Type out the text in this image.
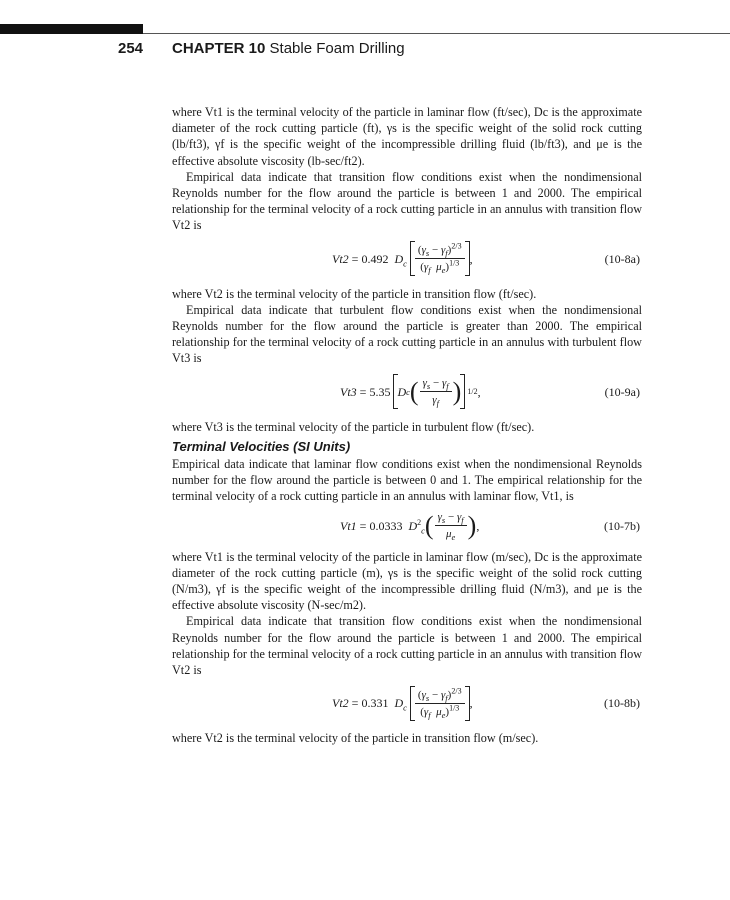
254 CHAPTER 10 Stable Foam Drilling

where Vt1 is the terminal velocity of the particle in laminar flow (ft/sec), Dc is the approximate diameter of the rock cutting particle (ft), γs is the specific weight of the solid rock cutting (lb/ft3), γf is the specific weight of the incompressible drilling fluid (lb/ft3), and μe is the effective absolute viscosity (lb-sec/ft2).

Empirical data indicate that transition flow conditions exist when the nondimensional Reynolds number for the flow around the particle is between 1 and 2000. The empirical relationship for the terminal velocity of a rock cutting particle in an annulus with transition flow Vt2 is

Vt2 = 0.492 $D_c \frac{(\gamma_s - \gamma_f)^{2/3}}{(\gamma_f \mu_e)^{1/3}}$ ,	(10-8a)

where Vt2 is the terminal velocity of the particle in transition flow (ft/sec).

Empirical data indicate that turbulent flow conditions exist when the nondimensional Reynolds number for the flow around the particle is greater than 2000. The empirical relationship for the terminal velocity of a rock cutting particle in an annulus with turbulent flow Vt3 is

Vt3 = 5.35 D c ( $\frac{\gamma_s - \gamma_f}{\gamma_f}$ ) 1/2 ,	(10-9a)

where Vt3 is the terminal velocity of the particle in turbulent flow (ft/sec).

Terminal Velocities (SI Units)

Empirical data indicate that laminar flow conditions exist when the nondimensional Reynolds number for the flow around the particle is between 0 and 1. The empirical relationship for the terminal velocity of a rock cutting particle in an annulus with laminar flow, Vt1, is

Vt1 = 0.0333 $D^2_c$ ( $\frac{\gamma_s - \gamma_f}{\mu_e}$ ) ,	(10-7b)

where Vt1 is the terminal velocity of the particle in laminar flow (m/sec), Dc is the approximate diameter of the rock cutting particle (m), γs is the specific weight of the solid rock cutting (N/m3), γf is the specific weight of the incompressible drilling fluid (N/m3), and μe is the effective absolute viscosity (N-sec/m2).

Empirical data indicate that transition flow conditions exist when the nondimensional Reynolds number for the flow around the particle is between 1 and 2000. The empirical relationship for the terminal velocity of a rock cutting particle in an annulus with transition flow Vt2 is

Vt2 = 0.331 $D_c \frac{(\gamma_s - \gamma_f)^{2/3}}{(\gamma_f \mu_e)^{1/3}}$ ,	(10-8b)

where Vt2 is the terminal velocity of the particle in transition flow (m/sec).
